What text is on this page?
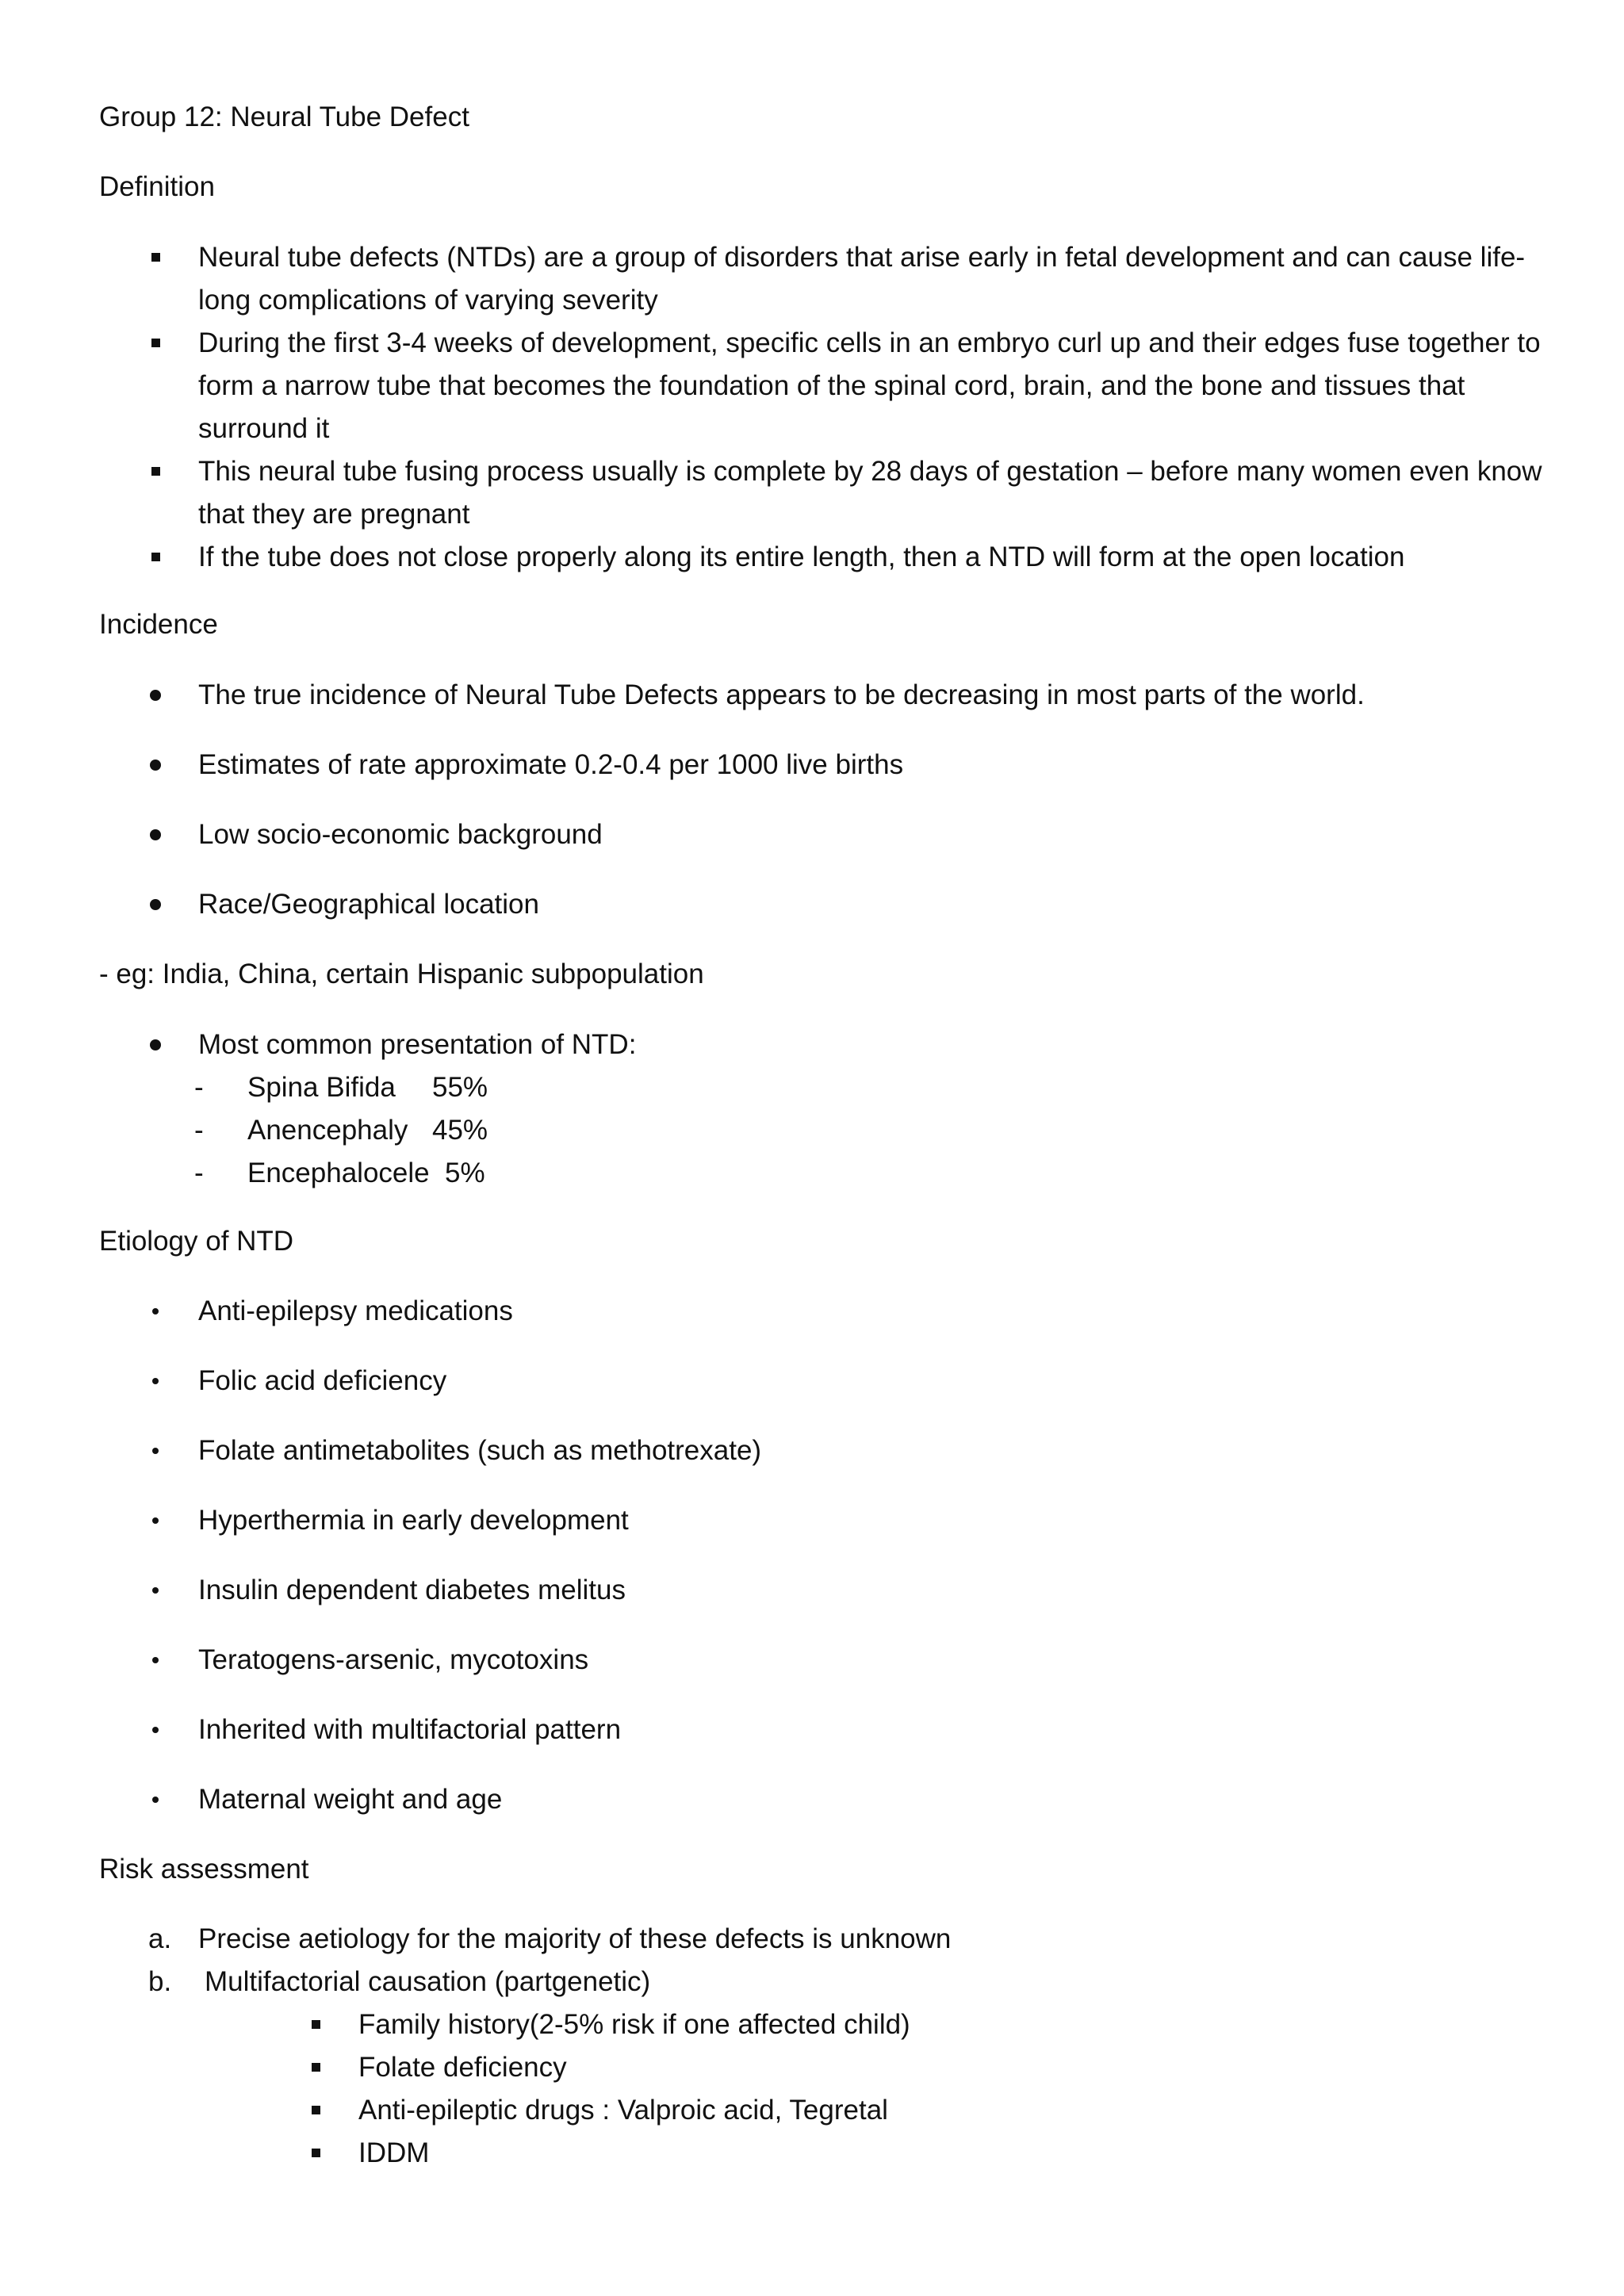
Group 12: Neural Tube Defect
Definition
Neural tube defects (NTDs) are a group of disorders that arise early in fetal development and can cause life-long complications of varying severity
During the first 3-4 weeks of development, specific cells in an embryo curl up and their edges fuse together to form a narrow tube that becomes the foundation of the spinal cord, brain, and the bone and tissues that surround it
This neural tube fusing process usually is complete by 28 days of gestation – before many women even know that they are pregnant
If the tube does not close properly along its entire length, then a NTD will form at the open location
Incidence
The true incidence of Neural Tube Defects appears to be decreasing in most parts of the world.
Estimates of rate approximate 0.2-0.4 per 1000 live births
Low socio-economic background
Race/Geographical location
- eg: India, China, certain Hispanic subpopulation
Most common presentation of NTD:
-	Spina Bifida 55%
-	Anencephaly 45%
-	Encephalocele 5%
Etiology of NTD
Anti-epilepsy medications
Folic acid deficiency
Folate antimetabolites (such as methotrexate)
Hyperthermia in early development
Insulin dependent diabetes melitus
Teratogens-arsenic, mycotoxins
Inherited with multifactorial pattern
Maternal weight and age
Risk assessment
a. Precise aetiology for the majority of these defects is unknown
b. Multifactorial causation (partgenetic)
Family history(2-5% risk if one affected child)
Folate deficiency
Anti-epileptic drugs : Valproic acid, Tegretal
IDDM
